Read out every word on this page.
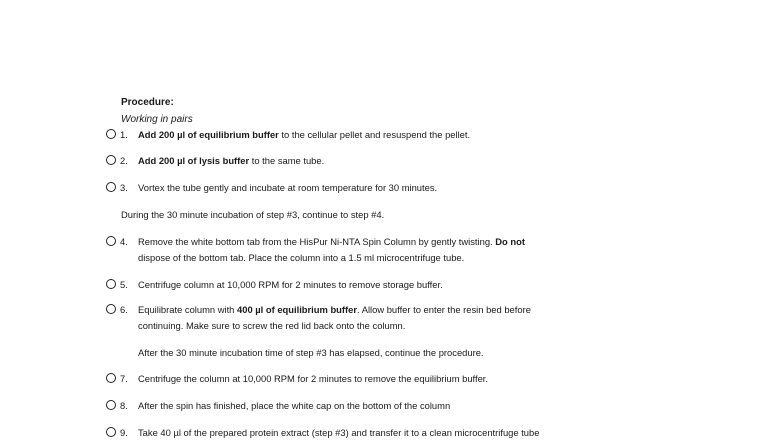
Procedure:
Working in pairs
1. Add 200 µl of equilibrium buffer to the cellular pellet and resuspend the pellet.
2. Add 200 µl of lysis buffer to the same tube.
3. Vortex the tube gently and incubate at room temperature for 30 minutes.
During the 30 minute incubation of step #3, continue to step #4.
4. Remove the white bottom tab from the HisPur Ni-NTA Spin Column by gently twisting. Do not
dispose of the bottom tab. Place the column into a 1.5 ml microcentrifuge tube.
5. Centrifuge column at 10,000 RPM for 2 minutes to remove storage buffer.
6. Equilibrate column with 400 µl of equilibrium buffer. Allow buffer to enter the resin bed before
continuing. Make sure to screw the red lid back onto the column.
After the 30 minute incubation time of step #3 has elapsed, continue the procedure.
7. Centrifuge the column at 10,000 RPM for 2 minutes to remove the equilibrium buffer.
8. After the spin has finished, place the white cap on the bottom of the column
9. Take 40 µl of the prepared protein extract (step #3) and transfer it to a clean microcentrifuge tube
